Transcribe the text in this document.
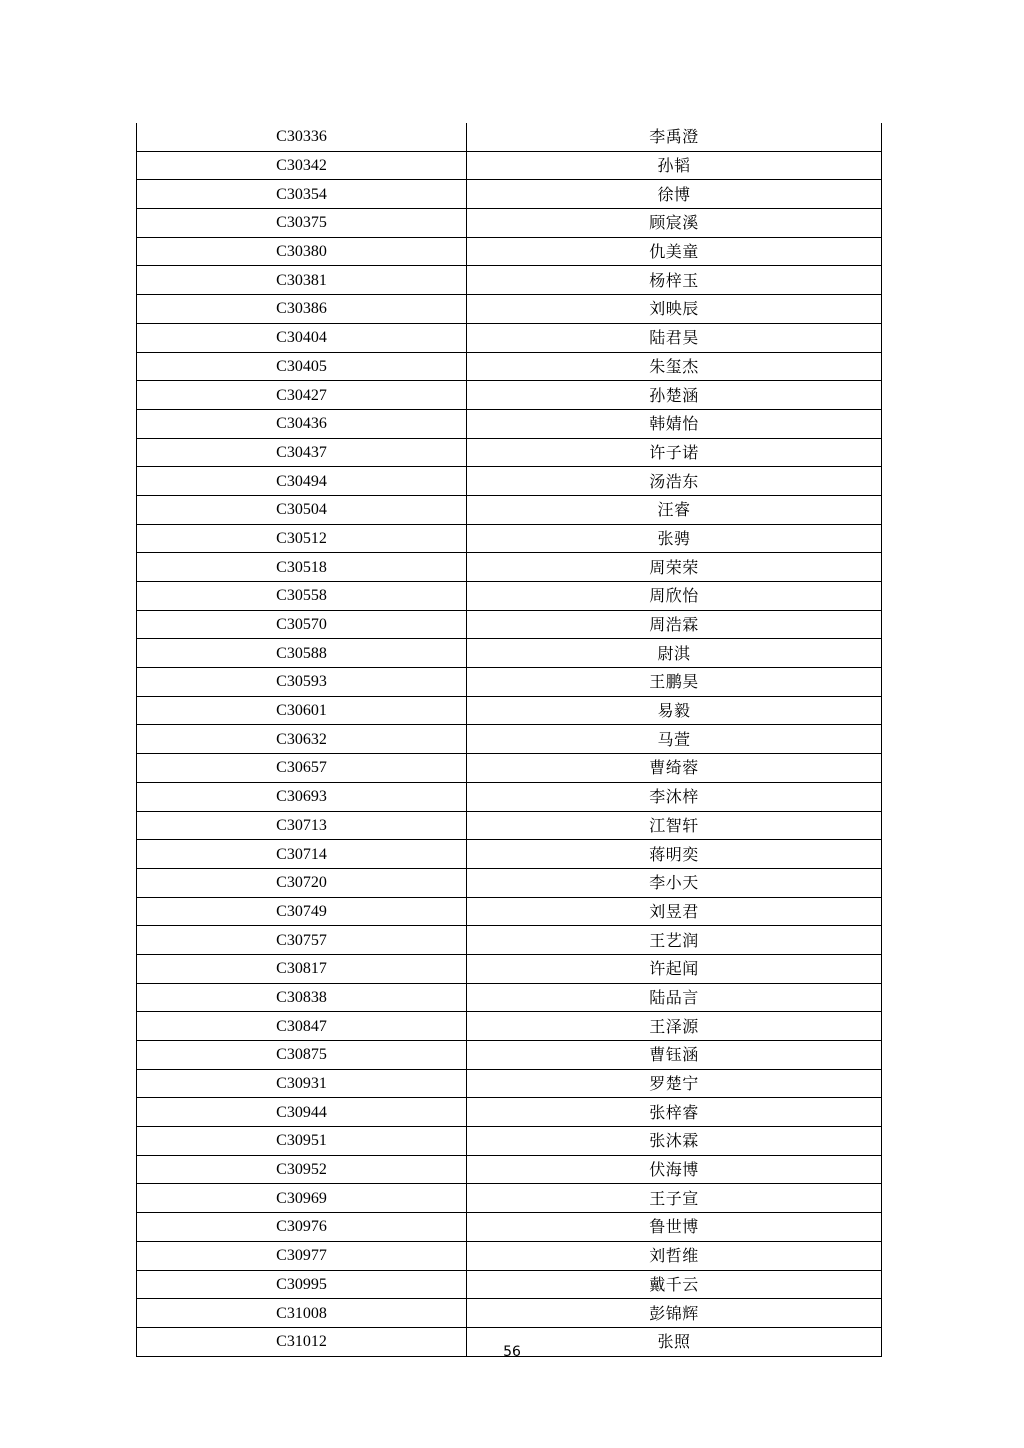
C30336	李禹澄
C30342	孙韬
C30354	徐博
C30375	顾宸溪
C30380	仇美童
C30381	杨梓玉
C30386	刘映辰
C30404	陆君昊
C30405	朱玺杰
C30427	孙楚涵
C30436	韩婧怡
C30437	许子诺
C30494	汤浩东
C30504	汪睿
C30512	张骋
C30518	周荣荣
C30558	周欣怡
C30570	周浩霖
C30588	尉淇
C30593	王鹏昊
C30601	易毅
C30632	马萱
C30657	曹绮蓉
C30693	李沐梓
C30713	江智轩
C30714	蒋明奕
C30720	李小天
C30749	刘昱君
C30757	王艺润
C30817	许起闻
C30838	陆品言
C30847	王泽源
C30875	曹钰涵
C30931	罗楚宁
C30944	张梓睿
C30951	张沐霖
C30952	伏海博
C30969	王子宣
C30976	鲁世博
C30977	刘哲维
C30995	戴千云
C31008	彭锦辉
C31012	张照
56
